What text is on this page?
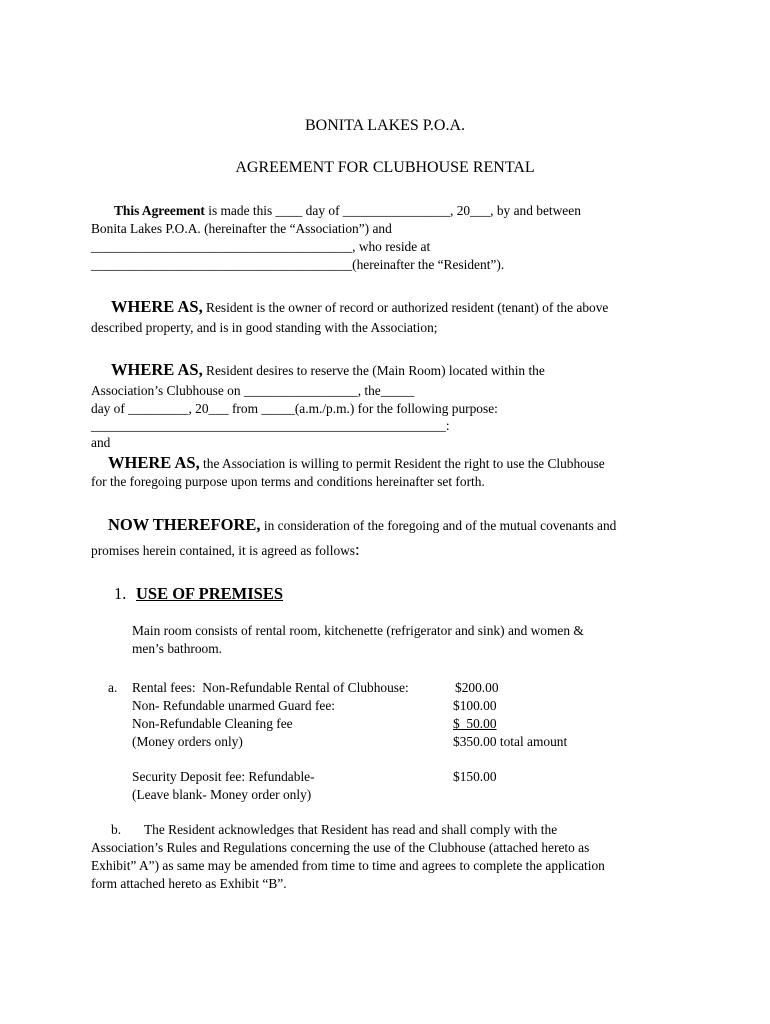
BONITA LAKES P.O.A.
AGREEMENT FOR CLUBHOUSE RENTAL
This Agreement is made this ____ day of ________________, 20___, by and between
Bonita Lakes P.O.A. (hereinafter the “Association”) and
_______________________________________, who reside at
_______________________________________(hereinafter the “Resident”).
WHERE AS, Resident is the owner of record or authorized resident (tenant) of the above
described property, and is in good standing with the Association;
WHERE AS, Resident desires to reserve the (Main Room) located within the
Association’s Clubhouse on _________________, the_____
day of _________, 20___ from _____(a.m./p.m.) for the following purpose:
_____________________________________________________:
and
WHERE AS, the Association is willing to permit Resident the right to use the Clubhouse
for the foregoing purpose upon terms and conditions hereinafter set forth.
NOW THEREFORE, in consideration of the foregoing and of the mutual covenants and
promises herein contained, it is agreed as follows:
1. USE OF PREMISES
Main room consists of rental room, kitchenette (refrigerator and sink) and women &
men’s bathroom.
a. Rental fees:  Non-Refundable Rental of Clubhouse:	$200.00
Non- Refundable unarmed Guard fee:	$100.00
Non-Refundable Cleaning fee	$  50.00
(Money orders only)	$350.00 total amount
Security Deposit fee: Refundable-	$150.00
(Leave blank- Money order only)
b. The Resident acknowledges that Resident has read and shall comply with the
Association’s Rules and Regulations concerning the use of the Clubhouse (attached hereto as
Exhibit” A”) as same may be amended from time to time and agrees to complete the application
form attached hereto as Exhibit “B”.
